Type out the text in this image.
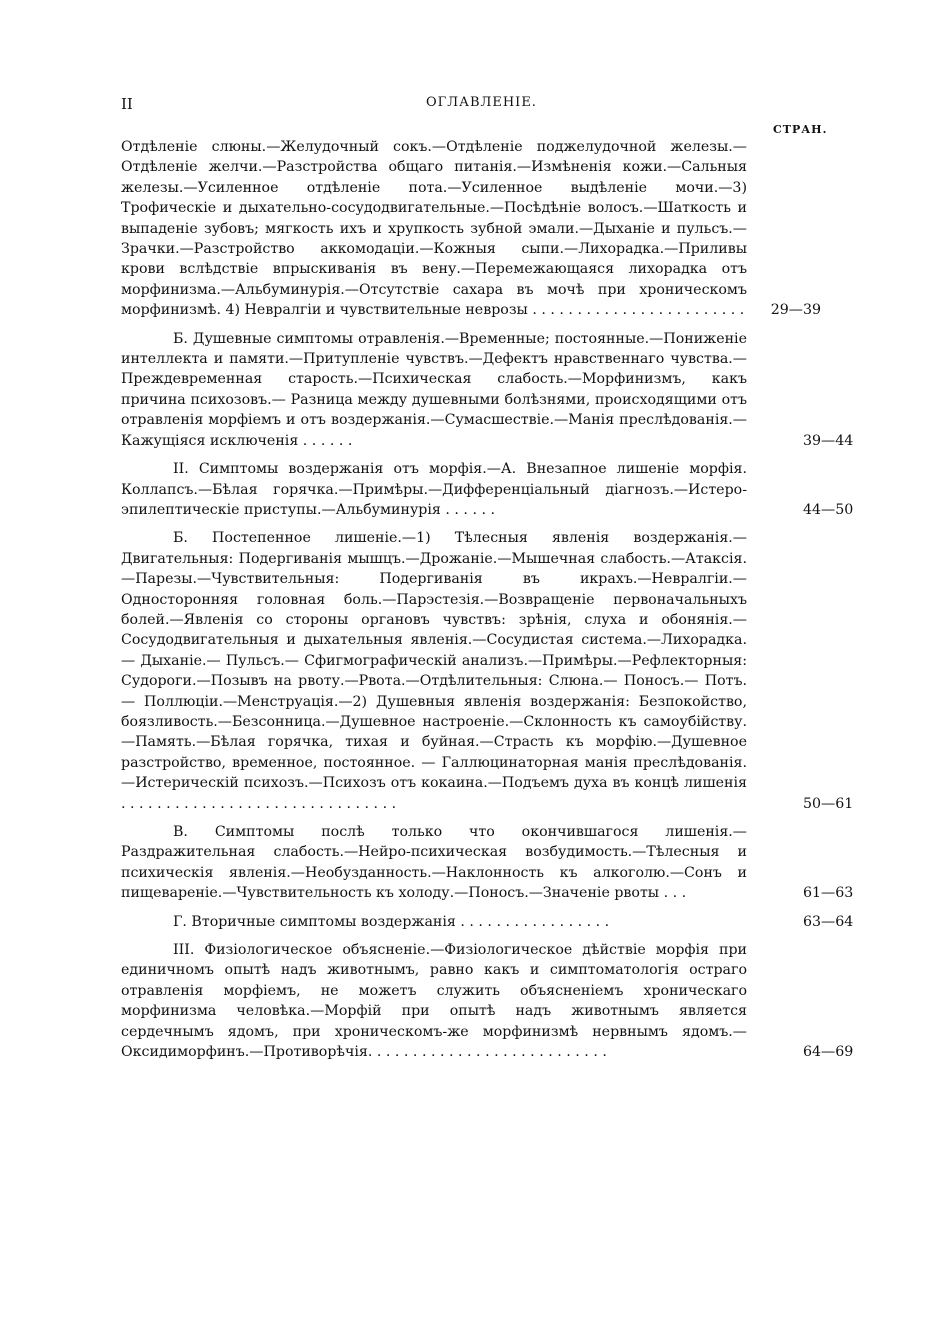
II	ОГЛАВЛЕНІЕ.
СТРАН.
Отдѣленіе слюны.—Желудочный сокъ.—Отдѣленіе поджелудочной железы.—Отдѣленіе желчи.—Разстройства общаго питанія.—Измѣненія кожи.—Сальныя железы.—Усиленное отдѣленіе пота.—Усиленное выдѣленіе мочи.—3) Трофическіе и дыхательно-сосудодвигательные.—Посѣдѣніе волосъ.—Шаткость и выпаденіе зубовъ; мягкость ихъ и хрупкость зубной эмали.—Дыханіе и пульсъ.—Зрачки.—Разстройство аккомодаціи.—Кожныя сыпи.—Лихорадка.—Приливы крови вслѣдствіе впрыскиванія въ вену.—Перемежающаяся лихорадка отъ морфинизма.—Альбуминурія.—Отсутствіе сахара въ мочѣ при хроническомъ морфинизмѣ. 4) Невралгіи и чувствительные неврозы . . . . . . . . . . . . . . . . . . . . . . . .	29—39
Б. Душевные симптомы отравленія.—Временные; постоянные.—Пониженіе интеллекта и памяти.—Притупленіе чувствъ.—Дефектъ нравственнаго чувства.—Преждевременная старость.—Психическая слабость.—Морфинизмъ, какъ причина психозовъ.— Разница между душевными болѣзнями, происходящими отъ отравленія морфіемъ и отъ воздержанія.—Сумасшествіе.—Манія преслѣдованія.—Кажущіяся исключенія . . . . . .	39—44
II. Симптомы воздержанія отъ морфія.—А. Внезапное лишеніе морфія. Коллапсъ.—Бѣлая горячка.—Примѣры.—Дифференціальный діагнозъ.—Истеро-эпилептическіе приступы.—Альбуминурія . . . . . .	44—50
Б. Постепенное лишеніе.—1) Тѣлесныя явленія воздержанія.—Двигательныя: Подергиванія мышцъ.—Дрожаніе.—Мышечная слабость.—Атаксія.—Парезы.—Чувствительныя: Подергиванія въ икрахъ.—Невралгіи.—Односторонняя головная боль.—Парэстезія.—Возвращеніе первоначальныхъ болей.—Явленія со стороны органовъ чувствъ: зрѣнія, слуха и обонянія.—Сосудодвигательныя и дыхательныя явленія.—Сосудистая система.—Лихорадка.— Дыханіе.— Пульсъ.— Сфигмографическій анализъ.—Примѣры.—Рефлекторныя: Судороги.—Позывъ на рвоту.—Рвота.—Отдѣлительныя: Слюна.— Поносъ.— Потъ.— Поллюціи.—Менструація.—2) Душевныя явленія воздержанія: Безпокойство, боязливость.—Безсонница.—Душевное настроеніе.—Склонность къ самоубійству.—Память.—Бѣлая горячка, тихая и буйная.—Страсть къ морфію.—Душевное разстройство, временное, постоянное. — Галлюцинаторная манія преслѣдованія.—Истерическій психозъ.—Психозъ отъ кокаина.—Подъемъ духа въ концѣ лишенія . . . . . . . . . . . . . . . . . . . . . . . . . . . . . . .	50—61
В. Симптомы послѣ только что окончившагося лишенія.—Раздражительная слабость.—Нейро-психическая возбудимость.—Тѣлесныя и психическія явленія.—Необузданность.—Наклонность къ алкоголю.—Сонъ и пищевареніе.—Чувствительность къ холоду.—Поносъ.—Значеніе рвоты . . .	61—63
Г. Вторичные симптомы воздержанія . . . . . . . . . . . . . . . . .	63—64
III. Физіологическое объясненіе.—Физіологическое дѣйствіе морфія при единичномъ опытѣ надъ животнымъ, равно какъ и симптоматологія остраго отравленія морфіемъ, не можетъ служить объясненіемъ хроническаго морфинизма человѣка.—Морфій при опытѣ надъ животнымъ является сердечнымъ ядомъ, при хроническомъ-же морфинизмѣ нервнымъ ядомъ.—Оксидиморфинъ.—Противорѣчія. . . . . . . . . . . . . . . . . . . . . . . . . . .	64—69
